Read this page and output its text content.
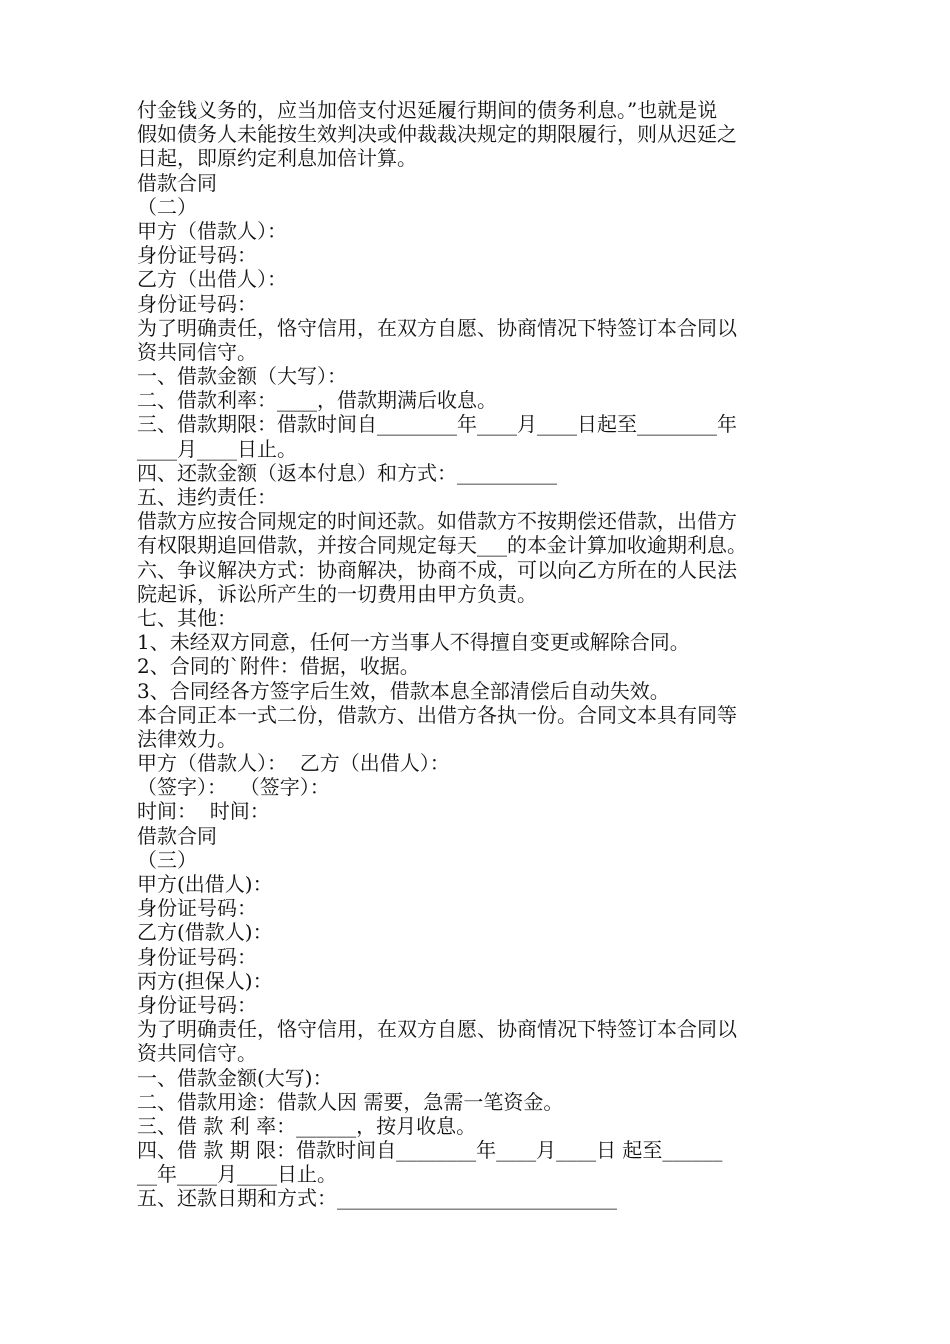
付金钱义务的，应当加倍支付迟延履行期间的债务利息。”也就是说
假如债务人未能按生效判决或仲裁裁决规定的期限履行，则从迟延之
日起，即原约定利息加倍计算。
借款合同
（二）
甲方（借款人）：
身份证号码：
乙方（出借人）：
身份证号码：
为了明确责任，恪守信用，在双方自愿、协商情况下特签订本合同以
资共同信守。
一、借款金额（大写）：
二、借款利率：____，借款期满后收息。
三、借款期限：借款时间自________年____月____日起至________年
____月____日止。
四、还款金额（返本付息）和方式：__________
五、违约责任：
借款方应按合同规定的时间还款。如借款方不按期偿还借款，出借方
有权限期追回借款，并按合同规定每天___的本金计算加收逾期利息。
六、争议解决方式：协商解决，协商不成，可以向乙方所在的人民法
院起诉，诉讼所产生的一切费用由甲方负责。
七、其他：
1、未经双方同意，任何一方当事人不得擅自变更或解除合同。
2、合同的`附件：借据，收据。
3、合同经各方签字后生效，借款本息全部清偿后自动失效。
本合同正本一式二份，借款方、出借方各执一份。合同文本具有同等
法律效力。
甲方（借款人）：  乙方（出借人）：
（签字）：  （签字）：
时间：  时间：
借款合同
（三）
甲方(出借人)：
身份证号码：
乙方(借款人)：
身份证号码：
丙方(担保人)：
身份证号码：
为了明确责任，恪守信用，在双方自愿、协商情况下特签订本合同以
资共同信守。
一、借款金额(大写)：
二、借款用途：借款人因 需要，急需一笔资金。
三、借 款 利 率：______，按月收息。
四、借 款 期 限：借款时间自________年____月____日 起至______
__年____月____日止。
五、还款日期和方式：____________________________
